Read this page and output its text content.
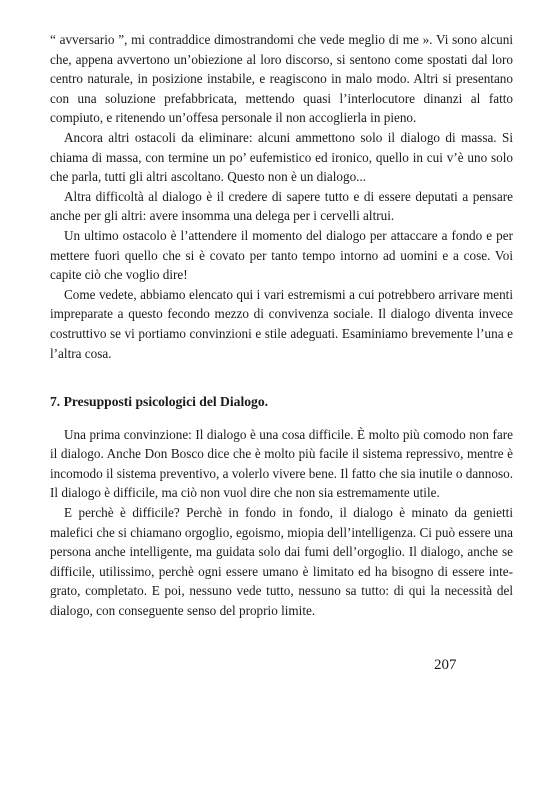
“ avversario ”, mi contraddice dimostrandomi che vede meglio di me ». Vi sono alcuni che, appena avvertono un’obiezione al loro discorso, si sentono come spostati dal loro centro naturale, in posizione instabile, e reagiscono in malo modo. Altri si presentano con una soluzione prefabbricata, mettendo quasi l’interlocutore dinanzi al fatto compiuto, e ritenendo un’offesa personale il non accoglierla in pieno.

Ancora altri ostacoli da eliminare: alcuni ammettono solo il dialogo di massa. Si chiama di massa, con termine un po’ eufemistico ed ironico, quello in cui v’è uno solo che parla, tutti gli altri ascoltano. Questo non è un dialogo...

Altra difficoltà al dialogo è il credere di sapere tutto e di essere deputati a pensare anche per gli altri: avere insomma una delega per i cervelli altrui.

Un ultimo ostacolo è l’attendere il momento del dialogo per attaccare a fondo e per mettere fuori quello che si è covato per tanto tempo intorno ad uomini e a cose. Voi capite ciò che voglio dire!

Come vedete, abbiamo elencato qui i vari estremismi a cui potrebbero arrivare menti impreparate a questo fecondo mezzo di convivenza sociale. Il dialogo diventa invece costruttivo se vi portiamo convinzioni e stile adeguati. Esaminiamo brevemente l’una e l’altra cosa.

7. Presupposti psicologici del Dialogo.

Una prima convinzione: Il dialogo è una cosa difficile. È molto più comodo non fare il dialogo. Anche Don Bosco dice che è molto più facile il sistema repressivo, mentre è incomodo il sistema preventivo, a volerlo vivere bene. Il fatto che sia inutile o dannoso. Il dialogo è difficile, ma ciò non vuol dire che non sia estremamente utile.

E perchè è difficile? Perchè in fondo in fondo, il dialogo è minato da genietti malefici che si chiamano orgoglio, egoismo, miopia dell’intelligenza. Ci può essere una persona anche intelligente, ma guidata solo dai fumi dell’orgoglio. Il dialogo, anche se difficile, utilissimo, perchè ogni essere umano è limitato ed ha bisogno di essere integrato, completato. E poi, nessuno vede tutto, nessuno sa tutto: di qui la necessità del dialogo, con conseguente senso del proprio limite.

207
